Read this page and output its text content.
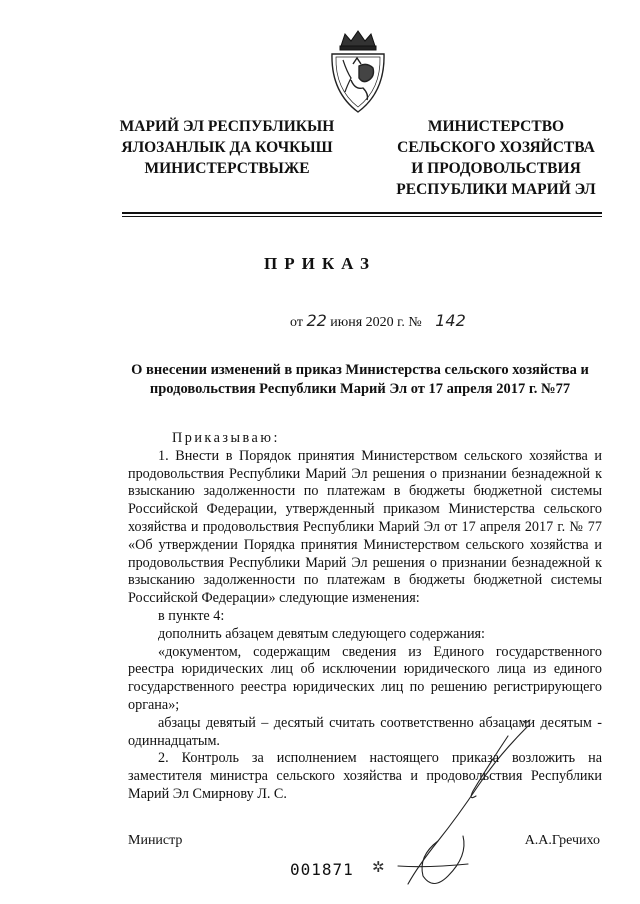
МАРИЙ ЭЛ РЕСПУБЛИКЫН
ЯЛОЗАНЛЫК ДА КОЧКЫШ
МИНИСТЕРСТВЫЖЕ
МИНИСТЕРСТВО
СЕЛЬСКОГО ХОЗЯЙСТВА
И ПРОДОВОЛЬСТВИЯ
РЕСПУБЛИКИ МАРИЙ ЭЛ
ПРИКАЗ
от 22 июня 2020 г. № 142
О внесении изменений в приказ Министерства сельского хозяйства и продовольствия Республики Марий Эл от 17 апреля 2017 г. №77

Приказываю:

1. Внести в Порядок принятия Министерством сельского хозяйства и продовольствия Республики Марий Эл решения о признании безнадежной к взысканию задолженности по платежам в бюджеты бюджетной системы Российской Федерации, утвержденный приказом Министерства сельского хозяйства и продовольствия Республики Марий Эл от 17 апреля 2017 г. № 77 «Об утверждении Порядка принятия Министерством сельского хозяйства и продовольствия Республики Марий Эл решения о признании безнадежной к взысканию задолженности по платежам в бюджеты бюджетной системы Российской Федерации» следующие изменения:

в пункте 4:

дополнить абзацем девятым следующего содержания:

«документом, содержащим сведения из Единого государственного реестра юридических лиц об исключении юридического лица из единого государственного реестра юридических лиц по решению регистрирующего органа»;

абзацы девятый – десятый считать соответственно абзацами десятым - одиннадцатым.

2. Контроль за исполнением настоящего приказа возложить на заместителя министра сельского хозяйства и продовольствия Республики Марий Эл Смирнову Л. С.

Министр	А.А.Гречихо
001871 ✲
